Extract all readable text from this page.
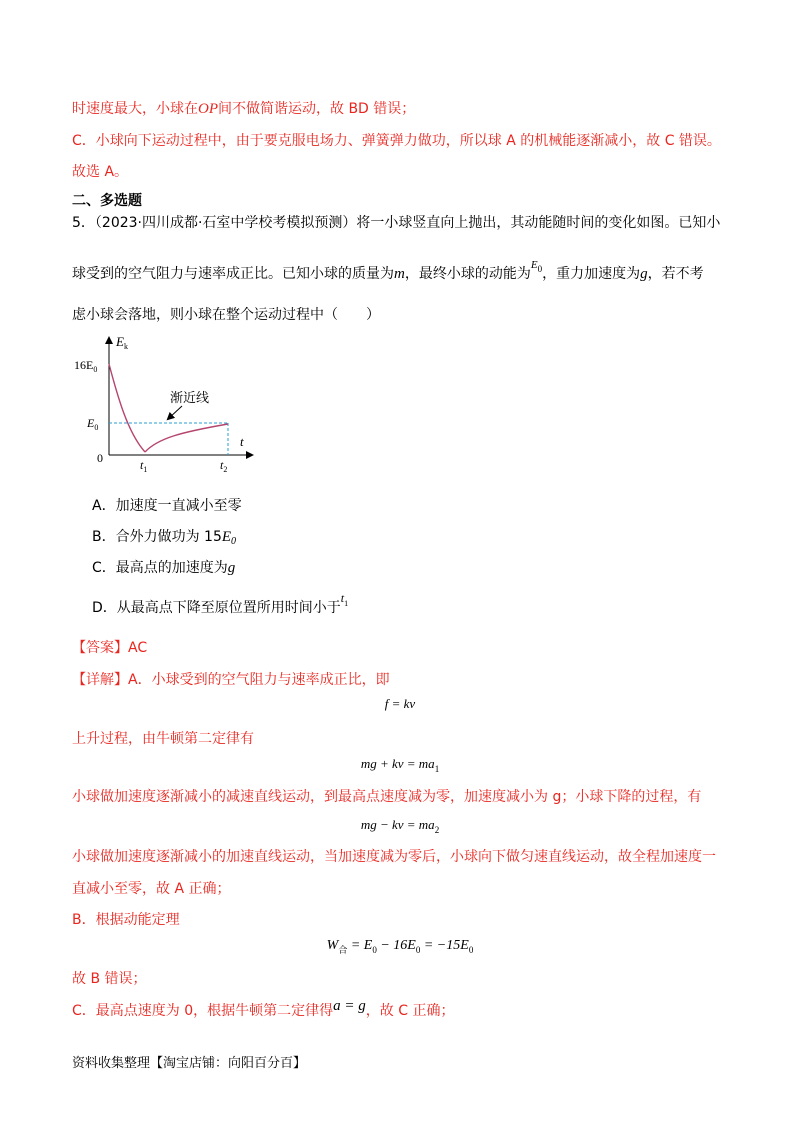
时速度最大，小球在OP间不做简谐运动，故 BD 错误；
C．小球向下运动过程中，由于要克服电场力、弹簧弹力做功，所以球 A 的机械能逐渐减小，故 C 错误。
故选 A。
二、多选题
5．（2023·四川成都·石室中学校考模拟预测）将一小球竖直向上抛出，其动能随时间的变化如图。已知小
球受到的空气阻力与速率成正比。已知小球的质量为m，最终小球的动能为$^{E_0}$，重力加速度为g，若不考
虑小球会落地，则小球在整个运动过程中（　　）
$E_k$
t
$16E_0$
$E_0$
0	$t_1$	$t_2$
渐近线
A．加速度一直减小至零
B．合外力做功为 $15E_0$
C．最高点的加速度为g
D．从最高点下降至原位置所用时间小于$t_1$
【答案】AC
【详解】A．小球受到的空气阻力与速率成正比，即
f = kv
上升过程，由牛顿第二定律有
mg + kv = $ma_1$
小球做加速度逐渐减小的减速直线运动，到最高点速度减为零，加速度减小为 g；小球下降的过程，有
mg − kv = $ma_2$
小球做加速度逐渐减小的加速直线运动，当加速度减为零后，小球向下做匀速直线运动，故全程加速度一
直减小至零，故 A 正确；
B．根据动能定理
$W_合 = E_0 - 16E_0 = -15E_0$
故 B 错误；
C．最高点速度为 0，根据牛顿第二定律得a = g，故 C 正确；
资料收集整理【淘宝店铺：向阳百分百】
